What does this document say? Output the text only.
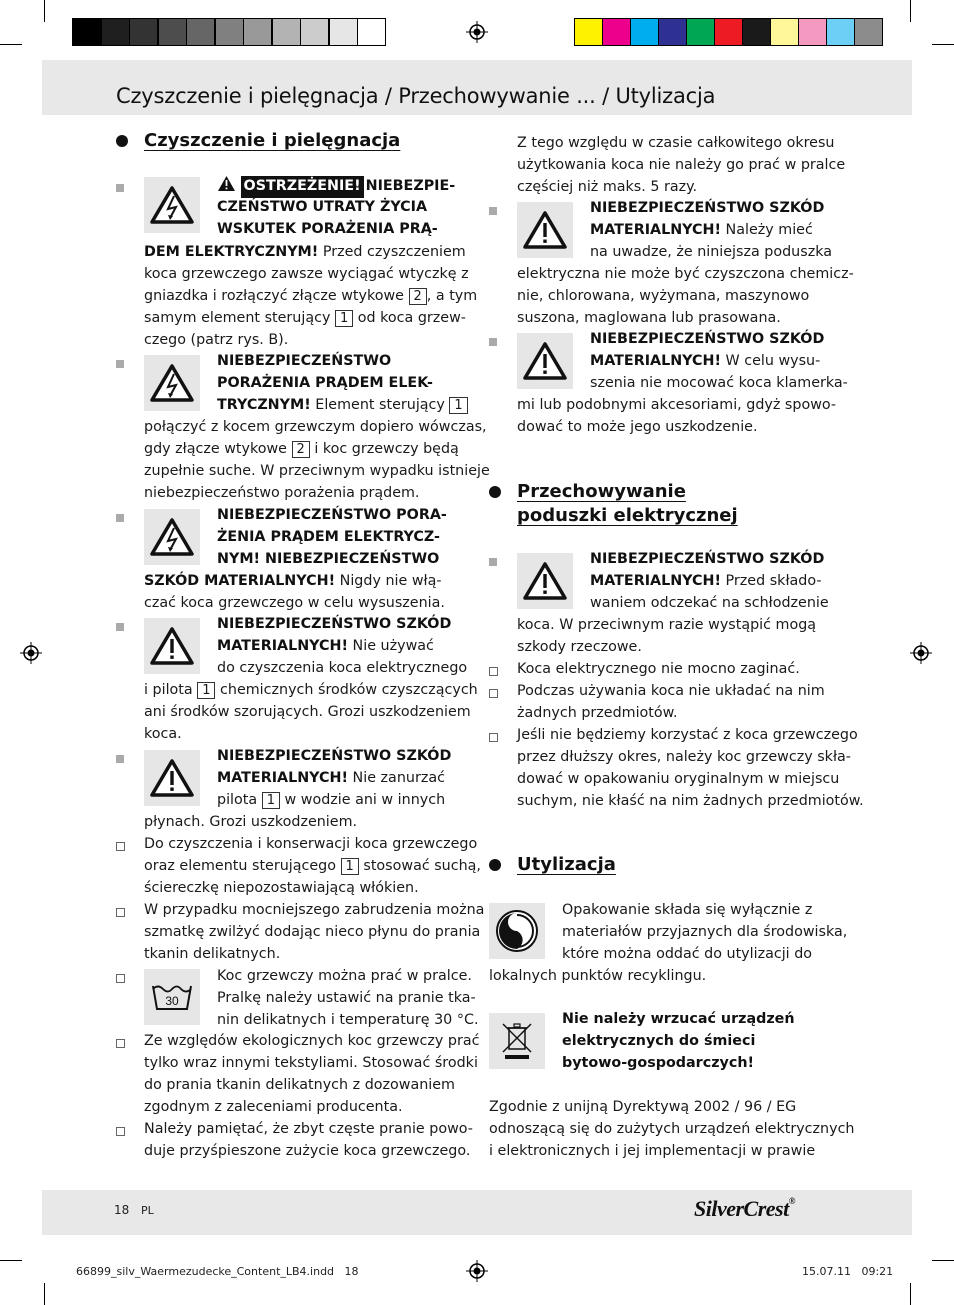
Czyszczenie i pielęgnacja / Przechowywanie ... / Utylizacja
Czyszczenie i pielęgnacja
OSTRZEŻENIE! NIEBEZPIE-
CZEŃSTWO UTRATY ŻYCIA
WSKUTEK PORAŻENIA PRĄ-
DEM ELEKTRYCZNYM! Przed czyszczeniem
koca grzewczego zawsze wyciągać wtyczkę z
gniazdka i rozłączyć złącze wtykowe 2 , a tym
samym element sterujący 1 od koca grzew-
czego (patrz rys. B).
NIEBEZPIECZEŃSTWO
PORAŻENIA PRĄDEM ELEK-
TRYCZNYM! Element sterujący 1
połączyć z kocem grzewczym dopiero wówczas,
gdy złącze wtykowe 2 i koc grzewczy będą
zupełnie suche. W przeciwnym wypadku istnieje
niebezpieczeństwo porażenia prądem.
NIEBEZPIECZEŃSTWO PORA-
ŻENIA PRĄDEM ELEKTRYCZ-
NYM! NIEBEZPIECZEŃSTWO
SZKÓD MATERIALNYCH! Nigdy nie włą-
czać koca grzewczego w celu wysuszenia.
NIEBEZPIECZEŃSTWO SZKÓD
MATERIALNYCH! Nie używać
do czyszczenia koca elektrycznego
i pilota 1 chemicznych środków czyszczących
ani środków szorujących. Grozi uszkodzeniem
koca.
NIEBEZPIECZEŃSTWO SZKÓD
MATERIALNYCH! Nie zanurzać
pilota 1 w wodzie ani w innych
płynach. Grozi uszkodzeniem.
Do czyszczenia i konserwacji koca grzewczego
oraz elementu sterującego 1 stosować suchą,
ściereczkę niepozostawiającą włókien.
W przypadku mocniejszego zabrudzenia można
szmatkę zwilżyć dodając nieco płynu do prania
tkanin delikatnych.
30
Koc grzewczy można prać w pralce.
Pralkę należy ustawić na pranie tka-
nin delikatnych i temperaturę 30 °C.
Ze względów ekologicznych koc grzewczy prać
tylko wraz innymi tekstyliami. Stosować środki
do prania tkanin delikatnych z dozowaniem
zgodnym z zaleceniami producenta.
Należy pamiętać, że zbyt częste pranie powo-
duje przyśpieszone zużycie koca grzewczego.
Z tego względu w czasie całkowitego okresu
użytkowania koca nie należy go prać w pralce
częściej niż maks. 5 razy.
NIEBEZPIECZEŃSTWO SZKÓD
MATERIALNYCH! Należy mieć
na uwadze, że niniejsza poduszka
elektryczna nie może być czyszczona chemicz-
nie, chlorowana, wyżymana, maszynowo
suszona, maglowana lub prasowana.
NIEBEZPIECZEŃSTWO SZKÓD
MATERIALNYCH! W celu wysu-
szenia nie mocować koca klamerka-
mi lub podobnymi akcesoriami, gdyż spowo-
dować to może jego uszkodzenie.
Przechowywanie
poduszki elektrycznej
NIEBEZPIECZEŃSTWO SZKÓD
MATERIALNYCH! Przed składo-
waniem odczekać na schłodzenie
koca. W przeciwnym razie wystąpić mogą
szkody rzeczowe.
Koca elektrycznego nie mocno zaginać.
Podczas używania koca nie układać na nim
żadnych przedmiotów.
Jeśli nie będziemy korzystać z koca grzewczego
przez dłuższy okres, należy koc grzewczy skła-
dować w opakowaniu oryginalnym w miejscu
suchym, nie kłaść na nim żadnych przedmiotów.
Utylizacja
Opakowanie składa się wyłącznie z
materiałów przyjaznych dla środowiska,
które można oddać do utylizacji do
lokalnych punktów recyklingu.
Nie należy wrzucać urządzeń
elektrycznych do śmieci
bytowo-gospodarczych!
Zgodnie z unijną Dyrektywą 2002 / 96 / EG
odnoszącą się do zużytych urządzeń elektrycznych
i elektronicznych i jej implementacji w prawie
18 PL	SilverCrest®
66899_silv_Waermezudecke_Content_LB4.indd   18	15.07.11   09:21
